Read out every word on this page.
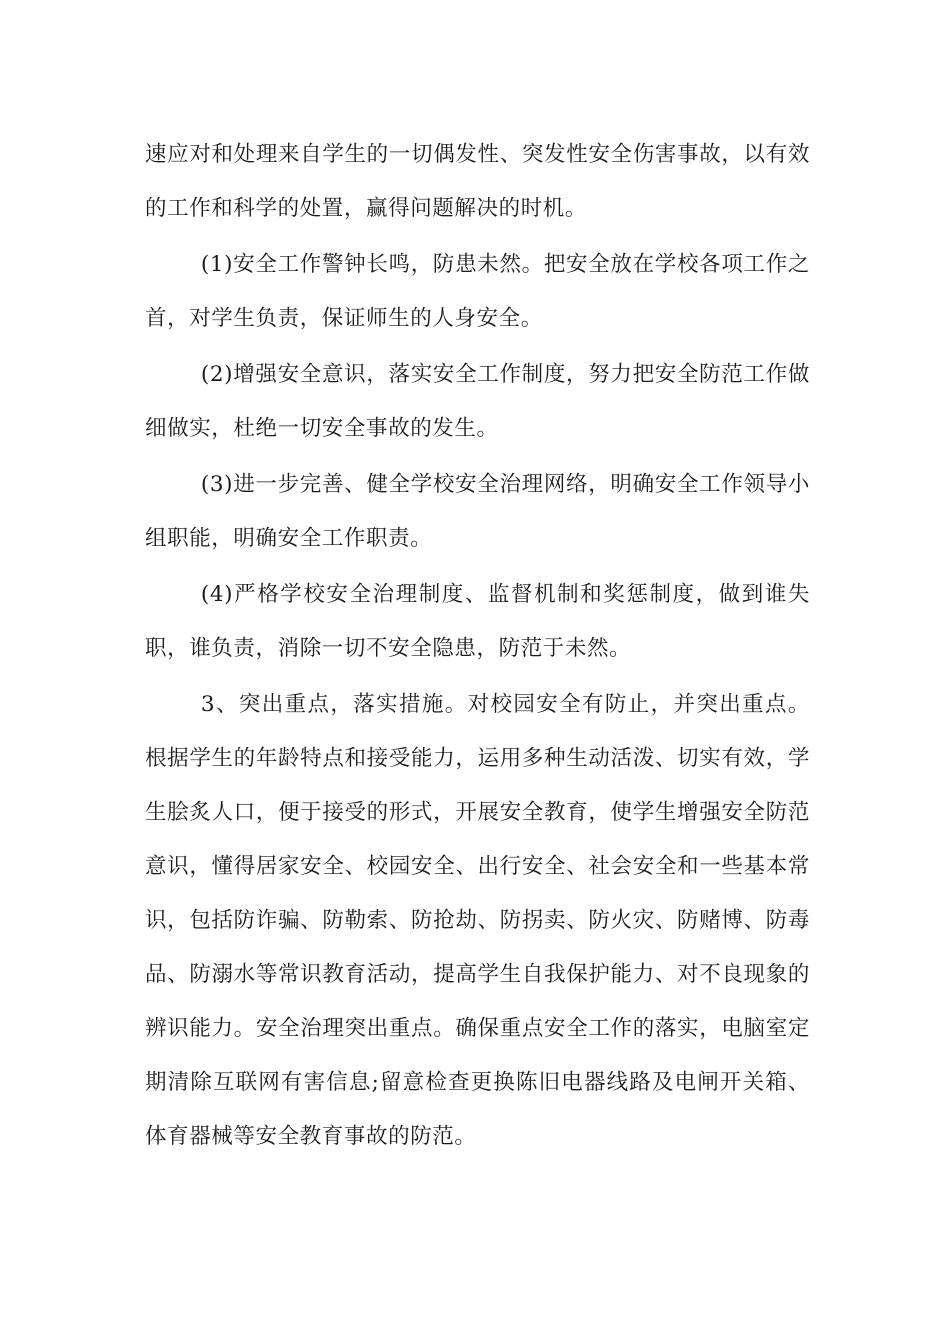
速应对和处理来自学生的一切偶发性、突发性安全伤害事故，以有效的工作和科学的处置，赢得问题解决的时机。

(1)安全工作警钟长鸣，防患未然。把安全放在学校各项工作之首，对学生负责，保证师生的人身安全。

(2)增强安全意识，落实安全工作制度，努力把安全防范工作做细做实，杜绝一切安全事故的发生。

(3)进一步完善、健全学校安全治理网络，明确安全工作领导小组职能，明确安全工作职责。

(4)严格学校安全治理制度、监督机制和奖惩制度，做到谁失职，谁负责，消除一切不安全隐患，防范于未然。

3、突出重点，落实措施。对校园安全有防止，并突出重点。根据学生的年龄特点和接受能力，运用多种生动活泼、切实有效，学生脍炙人口，便于接受的形式，开展安全教育，使学生增强安全防范意识，懂得居家安全、校园安全、出行安全、社会安全和一些基本常识，包括防诈骗、防勒索、防抢劫、防拐卖、防火灾、防赌博、防毒品、防溺水等常识教育活动，提高学生自我保护能力、对不良现象的辨识能力。安全治理突出重点。确保重点安全工作的落实，电脑室定期清除互联网有害信息;留意检查更换陈旧电器线路及电闸开关箱、体育器械等安全教育事故的防范。
